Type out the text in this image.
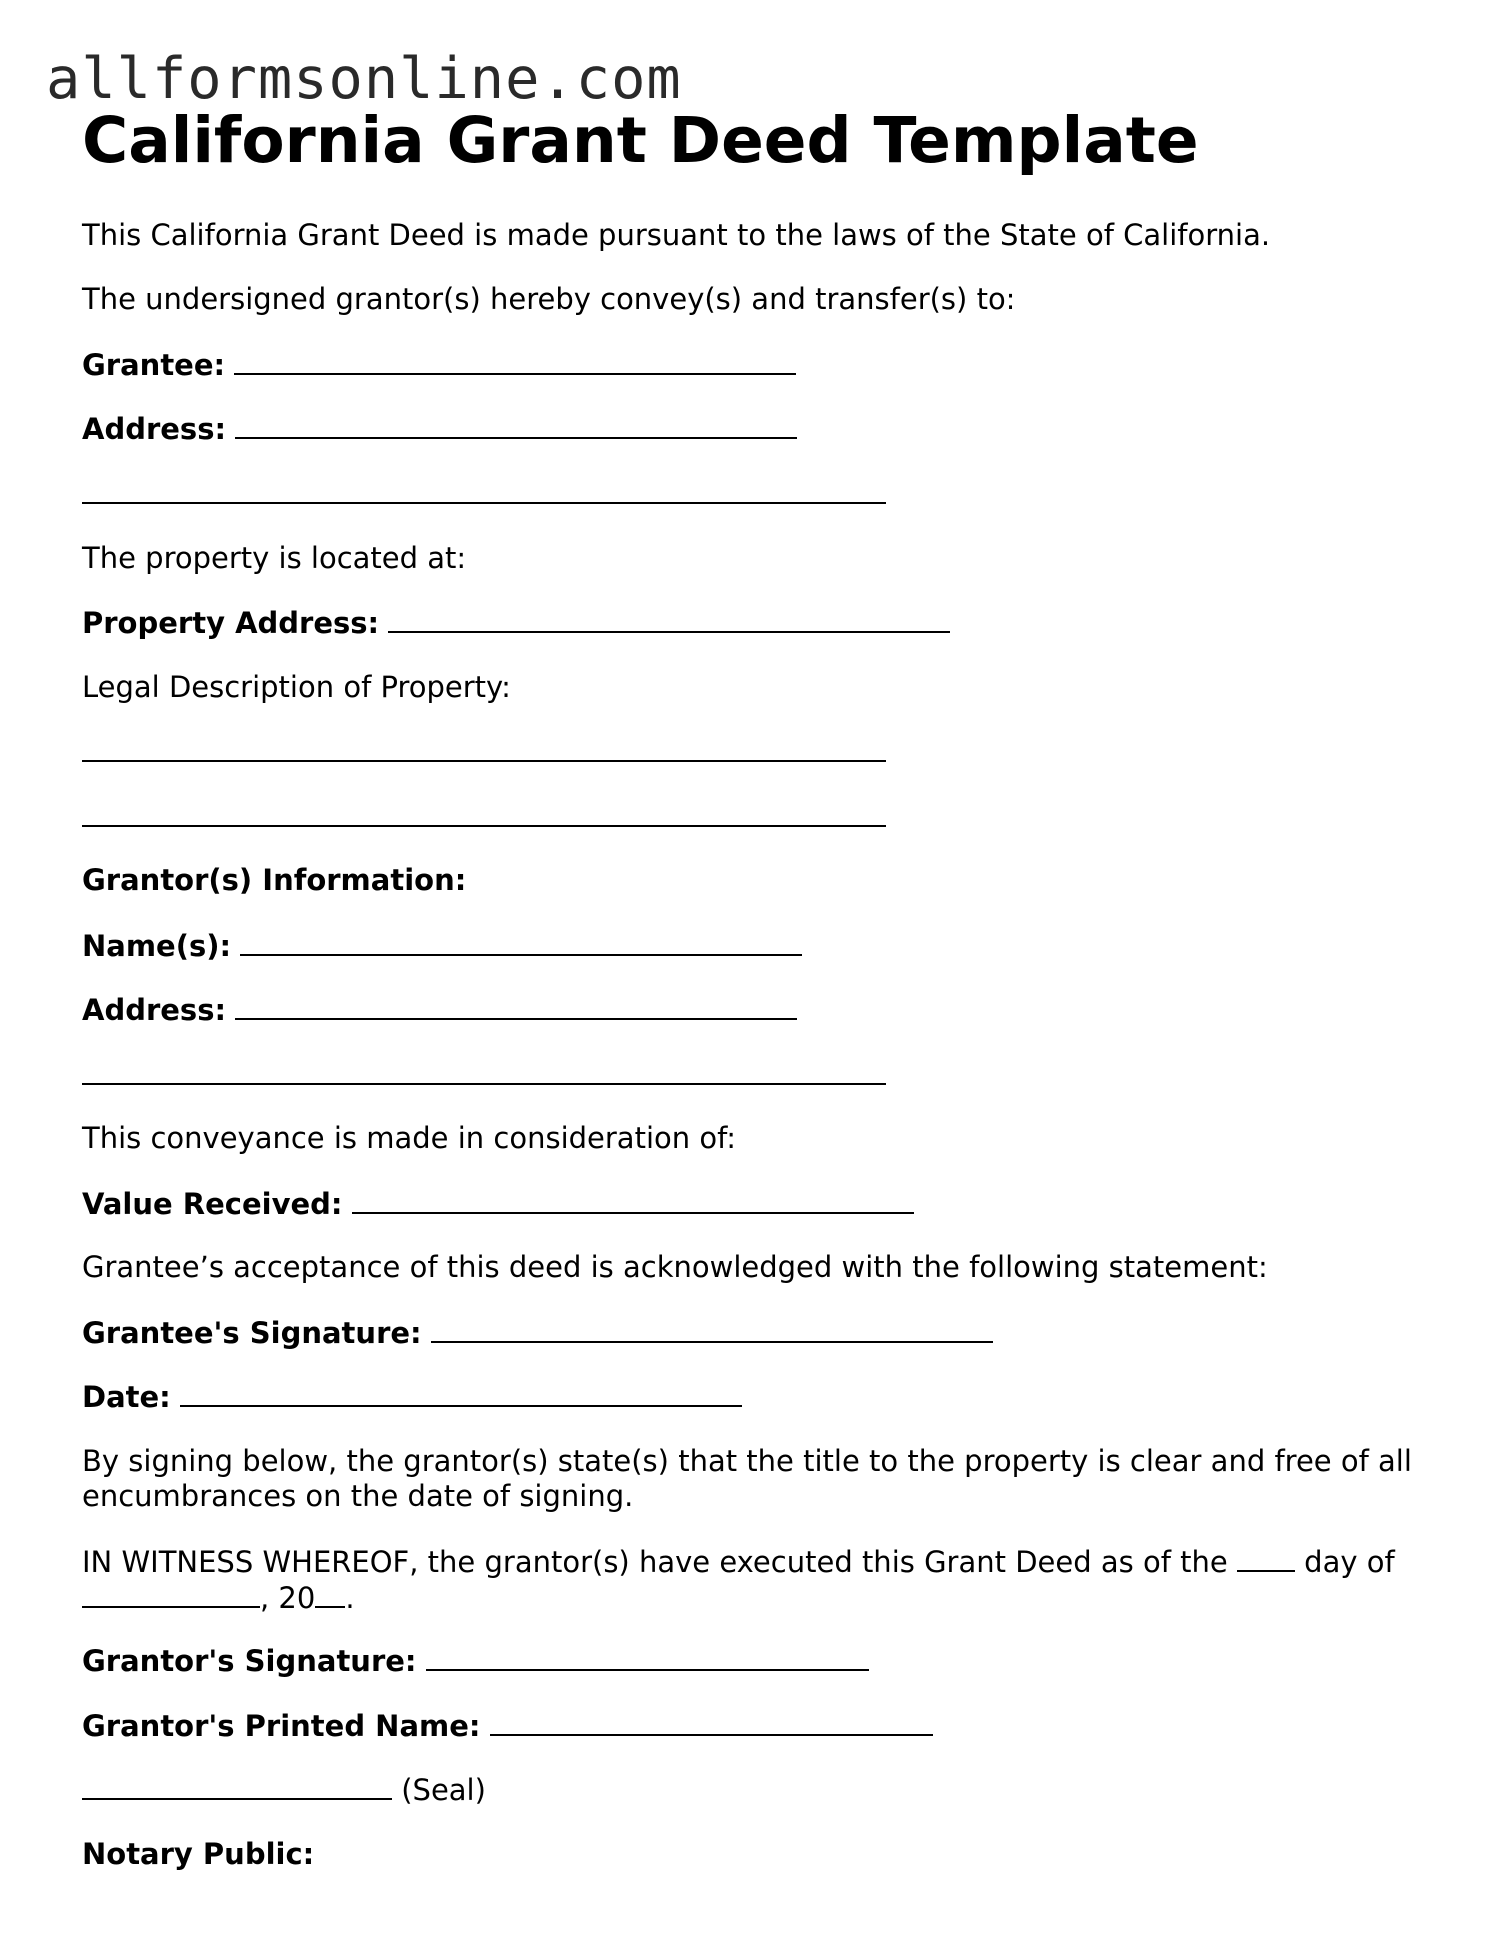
allformsonline.com
California Grant Deed Template
This California Grant Deed is made pursuant to the laws of the State of California.
The undersigned grantor(s) hereby convey(s) and transfer(s) to:
Grantee:
Address:
The property is located at:
Property Address:
Legal Description of Property:
Grantor(s) Information:
Name(s):
Address:
This conveyance is made in consideration of:
Value Received:
Grantee’s acceptance of this deed is acknowledged with the following statement:
Grantee's Signature:
Date:
By signing below, the grantor(s) state(s) that the title to the property is clear and free of all encumbrances on the date of signing.
IN WITNESS WHEREOF, the grantor(s) have executed this Grant Deed as of the	day of , 20 .
Grantor's Signature:
Grantor's Printed Name:
(Seal)
Notary Public:
